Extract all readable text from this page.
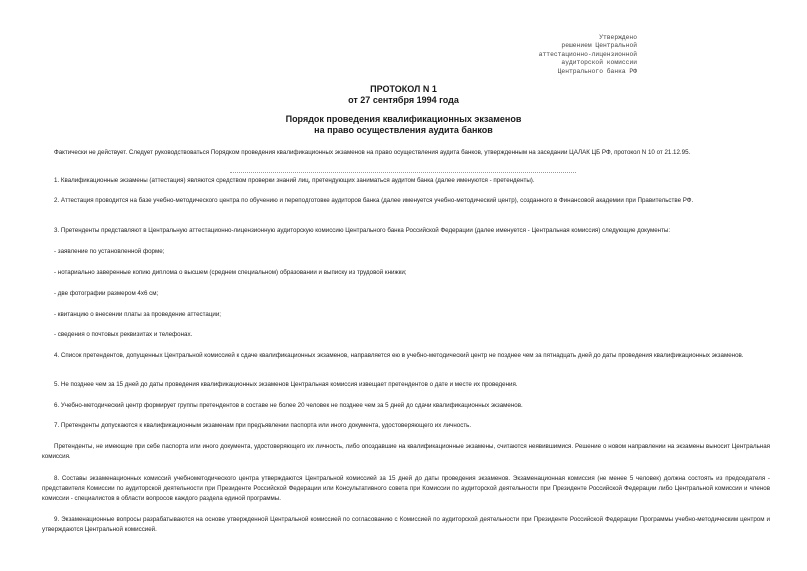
Утверждено
решением Центральной
аттестационно-лицензионной
аудиторской комиссии
Центрального банка РФ
ПРОТОКОЛ N 1
от 27 сентября 1994 года
Порядок проведения квалификационных экзаменов
на право осуществления аудита банков
Фактически не действует. Следует руководствоваться Порядком проведения квалификационных экзаменов на право осуществления аудита банков, утвержденным на заседании ЦАЛАК ЦБ РФ, протокол N 10 от 21.12.95.
1. Квалификационные экзамены (аттестация) являются средством проверки знаний лиц, претендующих заниматься аудитом банка (далее именуются - претенденты).
2. Аттестация проводится на базе учебно-методического центра по обучению и переподготовке аудиторов банка (далее именуется учебно-методический центр), созданного в Финансовой академии при Правительстве РФ.
3. Претенденты представляют в Центральную аттестационно-лицензионную аудиторскую комиссию Центрального банка Российской Федерации (далее именуется - Центральная комиссия) следующие документы:
- заявление по установленной форме;
- нотариально заверенные копию диплома о высшем (среднем специальном) образовании и выписку из трудовой книжки;
- две фотографии размером 4х6 см;
- квитанцию о внесении платы за проведение аттестации;
- сведения о почтовых реквизитах и телефонах.
4. Список претендентов, допущенных Центральной комиссией к сдаче квалификационных экзаменов, направляется ею в учебно-методический центр не позднее чем за пятнадцать дней до даты проведения квалификационных экзаменов.
5. Не позднее чем за 15 дней до даты проведения квалификационных экзаменов Центральная комиссия извещает претендентов о дате и месте их проведения.
6. Учебно-методический центр формирует группы претендентов в составе не более 20 человек не позднее чем за 5 дней до сдачи квалификационных экзаменов.
7. Претенденты допускаются к квалификационным экзаменам при предъявлении паспорта или иного документа, удостоверяющего их личность.
Претенденты, не имеющие при себе паспорта или иного документа, удостоверяющего их личность, либо опоздавшие на квалификационные экзамены, считаются неявившимися. Решение о новом направлении на экзамены выносит Центральная комиссия.
8. Составы экзаменационных комиссий учебнометодического центра утверждаются Центральной комиссией за 15 дней до даты проведения экзаменов. Экзаменационная комиссия (не менее 5 человек) должна состоять из председателя - представителя Комиссии по аудиторской деятельности при Президенте Российской Федерации или Консультативного совета при Комиссии по аудиторской деятельности при Президенте Российской Федерации либо Центральной комиссии и членов комиссии - специалистов в области вопросов каждого раздела единой программы.
9. Экзаменационные вопросы разрабатываются на основе утвержденной Центральной комиссией по согласованию с Комиссией по аудиторской деятельности при Президенте Российской Федерации Программы учебно-методическим центром и утверждаются Центральной комиссией.
